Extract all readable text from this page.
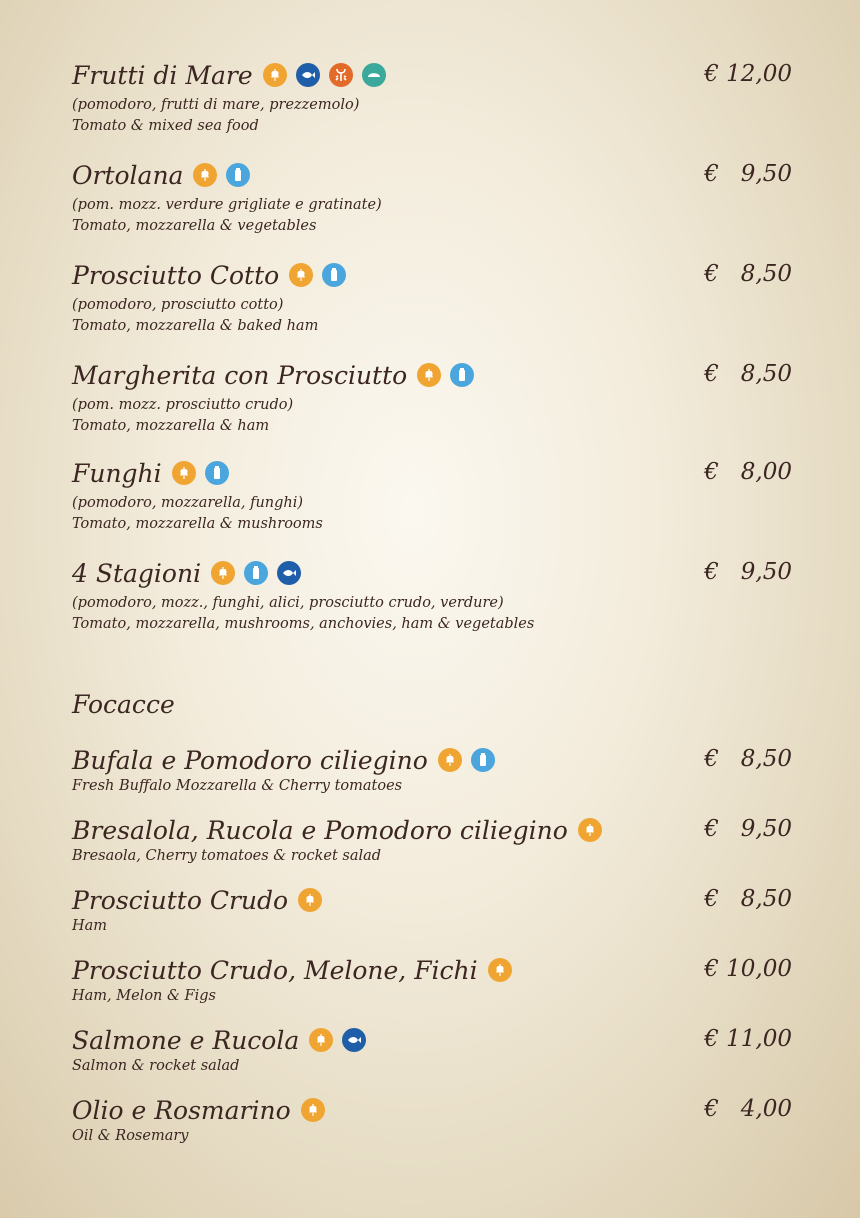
Frutti di Mare	€ 12,00
(pomodoro, frutti di mare, prezzemolo)
Tomato & mixed sea food
Ortolana	€   9,50
(pom. mozz. verdure grigliate e gratinate)
Tomato, mozzarella & vegetables
Prosciutto Cotto	€   8,50
(pomodoro, prosciutto cotto)
Tomato, mozzarella & baked ham
Margherita con Prosciutto	€   8,50
(pom. mozz. prosciutto crudo)
Tomato, mozzarella & ham
Funghi	€   8,00
(pomodoro, mozzarella, funghi)
Tomato, mozzarella & mushrooms
4 Stagioni	€   9,50
(pomodoro, mozz., funghi, alici, prosciutto crudo, verdure)
Tomato, mozzarella, mushrooms, anchovies, ham & vegetables
Focacce
Bufala e Pomodoro ciliegino	€   8,50
Fresh Buffalo Mozzarella & Cherry tomatoes
Bresalola, Rucola e Pomodoro ciliegino	€   9,50
Bresaola, Cherry tomatoes & rocket salad
Prosciutto Crudo	€   8,50
Ham
Prosciutto Crudo, Melone, Fichi	€ 10,00
Ham, Melon & Figs
Salmone e Rucola	€ 11,00
Salmon & rocket salad
Olio e Rosmarino	€   4,00
Oil & Rosemary
